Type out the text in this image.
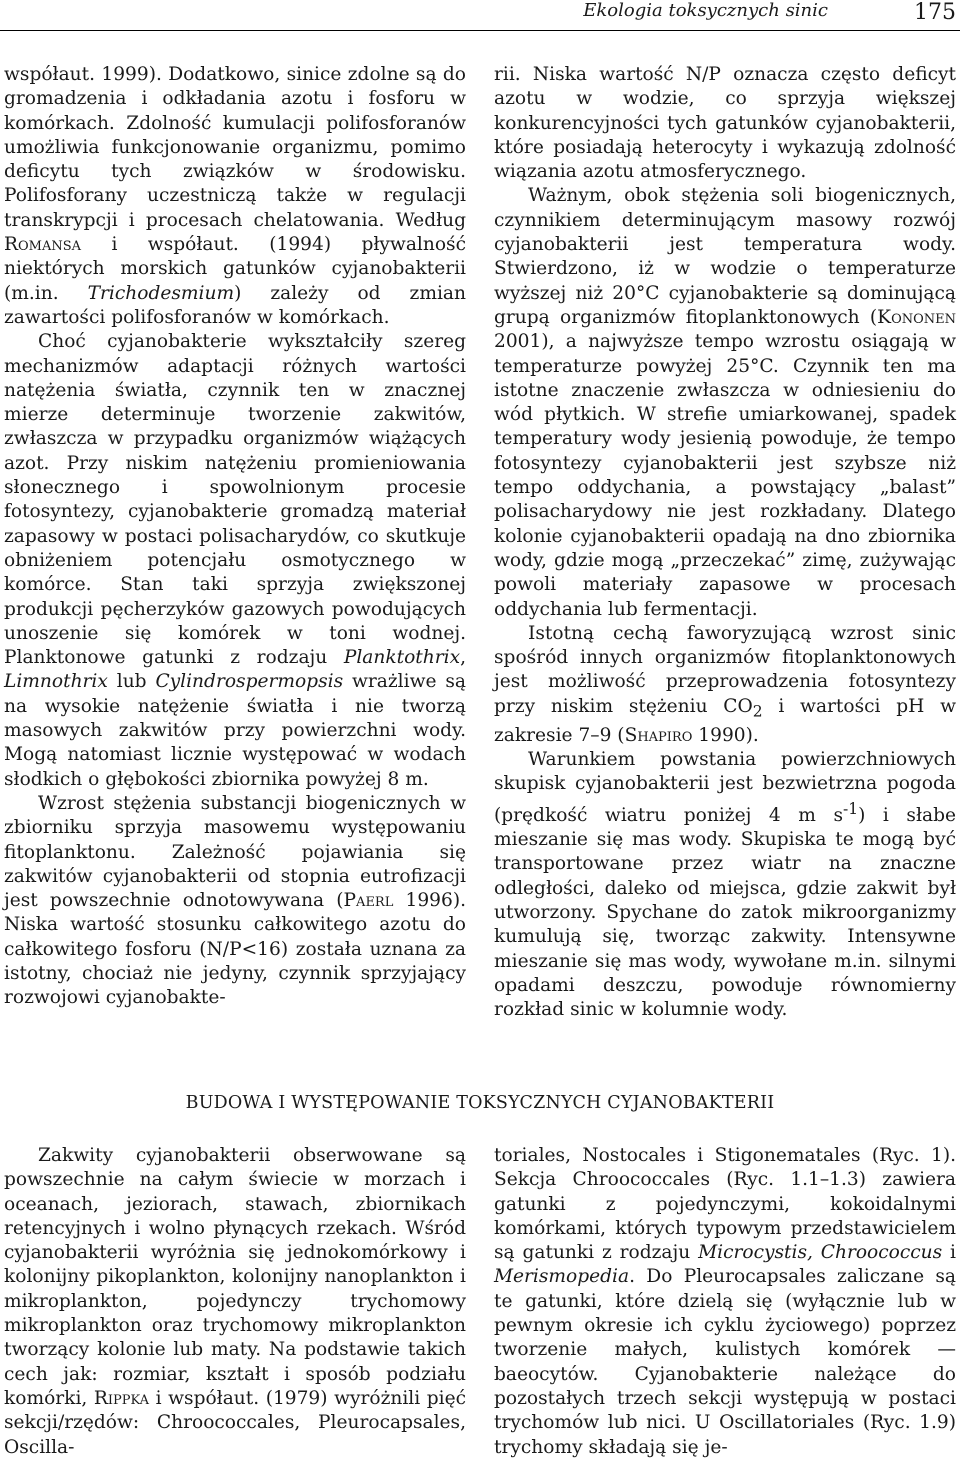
Ekologia toksycznych sinic	175

współaut. 1999). Dodatkowo, sinice zdolne są do gromadzenia i odkładania azotu i fosforu w komórkach. Zdolność kumulacji polifosforanów umożliwia funkcjonowanie organizmu, pomimo deficytu tych związków w środowisku. Polifosforany uczestniczą także w regulacji transkrypcji i procesach chelatowania. Według Romansa i współaut. (1994) pływalność niektórych morskich gatunków cyjanobakterii (m.in. Trichodesmium) zależy od zmian zawartości polifosforanów w komórkach.

Choć cyjanobakterie wykształciły szereg mechanizmów adaptacji różnych wartości natężenia światła, czynnik ten w znacznej mierze determinuje tworzenie zakwitów, zwłaszcza w przypadku organizmów wiążących azot. Przy niskim natężeniu promieniowania słonecznego i spowolnionym procesie fotosyntezy, cyjanobakterie gromadzą materiał zapasowy w postaci polisacharydów, co skutkuje obniżeniem potencjału osmotycznego w komórce. Stan taki sprzyja zwiększonej produkcji pęcherzyków gazowych powodujących unoszenie się komórek w toni wodnej. Planktonowe gatunki z rodzaju Planktothrix, Limnothrix lub Cylindrospermopsis wrażliwe są na wysokie natężenie światła i nie tworzą masowych zakwitów przy powierzchni wody. Mogą natomiast licznie występować w wodach słodkich o głębokości zbiornika powyżej 8 m.

Wzrost stężenia substancji biogenicznych w zbiorniku sprzyja masowemu występowaniu fitoplanktonu. Zależność pojawiania się zakwitów cyjanobakterii od stopnia eutrofizacji jest powszechnie odnotowywana (Paerl 1996). Niska wartość stosunku całkowitego azotu do całkowitego fosforu (N/P<16) została uznana za istotny, chociaż nie jedyny, czynnik sprzyjający rozwojowi cyjanobakte-

rii. Niska wartość N/P oznacza często deficyt azotu w wodzie, co sprzyja większej konkurencyjności tych gatunków cyjanobakterii, które posiadają heterocyty i wykazują zdolność wiązania azotu atmosferycznego.

Ważnym, obok stężenia soli biogenicznych, czynnikiem determinującym masowy rozwój cyjanobakterii jest temperatura wody. Stwierdzono, iż w wodzie o temperaturze wyższej niż 20°C cyjanobakterie są dominującą grupą organizmów fitoplanktonowych (Kononen 2001), a najwyższe tempo wzrostu osiągają w temperaturze powyżej 25°C. Czynnik ten ma istotne znaczenie zwłaszcza w odniesieniu do wód płytkich. W strefie umiarkowanej, spadek temperatury wody jesienią powoduje, że tempo fotosyntezy cyjanobakterii jest szybsze niż tempo oddychania, a powstający „balast” polisacharydowy nie jest rozkładany. Dlatego kolonie cyjanobakterii opadają na dno zbiornika wody, gdzie mogą „przeczekać” zimę, zużywając powoli materiały zapasowe w procesach oddychania lub fermentacji.

Istotną cechą faworyzującą wzrost sinic spośród innych organizmów fitoplanktonowych jest możliwość przeprowadzenia fotosyntezy przy niskim stężeniu $CO_2$ i wartości pH w zakresie 7–9 (Shapiro 1990).

Warunkiem powstania powierzchniowych skupisk cyjanobakterii jest bezwietrzna pogoda (prędkość wiatru poniżej 4 m $s^{-1}$) i słabe mieszanie się mas wody. Skupiska te mogą być transportowane przez wiatr na znaczne odległości, daleko od miejsca, gdzie zakwit był utworzony. Spychane do zatok mikroorganizmy kumulują się, tworząc zakwity. Intensywne mieszanie się mas wody, wywołane m.in. silnymi opadami deszczu, powoduje równomierny rozkład sinic w kolumnie wody.

BUDOWA I WYSTĘPOWANIE TOKSYCZNYCH CYJANOBAKTERII

Zakwity cyjanobakterii obserwowane są powszechnie na całym świecie w morzach i oceanach, jeziorach, stawach, zbiornikach retencyjnych i wolno płynących rzekach. Wśród cyjanobakterii wyróżnia się jednokomórkowy i kolonijny pikoplankton, kolonijny nanoplankton i mikroplankton, pojedynczy trychomowy mikroplankton oraz trychomowy mikroplankton tworzący kolonie lub maty. Na podstawie takich cech jak: rozmiar, kształt i sposób podziału komórki, Rippka i współaut. (1979) wyróżnili pięć sekcji/rzędów: Chroococcales, Pleurocapsales, Oscilla-

toriales, Nostocales i Stigonematales (Ryc. 1). Sekcja Chroococcales (Ryc. 1.1–1.3) zawiera gatunki z pojedynczymi, kokoidalnymi komórkami, których typowym przedstawicielem są gatunki z rodzaju Microcystis, Chroococcus i Merismopedia. Do Pleurocapsales zaliczane są te gatunki, które dzielą się (wyłącznie lub w pewnym okresie ich cyklu życiowego) poprzez tworzenie małych, kulistych komórek — baeocytów. Cyjanobakterie należące do pozostałych trzech sekcji występują w postaci trychomów lub nici. U Oscillatoriales (Ryc. 1.9) trychomy składają się je-
